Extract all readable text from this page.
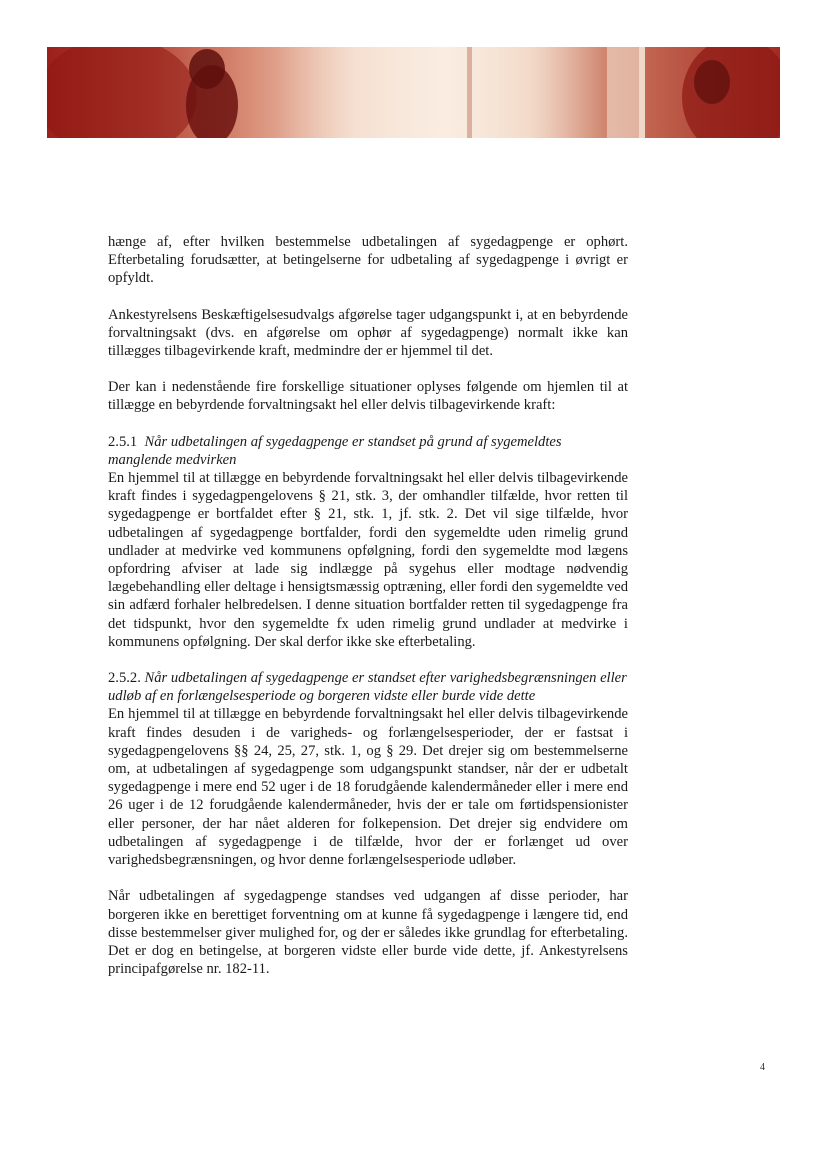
hænge af, efter hvilken bestemmelse udbetalingen af sygedagpenge er ophørt. Efterbetaling forudsætter, at betingelserne for udbetaling af sygedagpenge i øvrigt er opfyldt.

Ankestyrelsens Beskæftigelsesudvalgs afgørelse tager udgangspunkt i, at en bebyrdende forvaltningsakt (dvs. en afgørelse om ophør af sygedagpenge) normalt ikke kan tillægges tilbagevirkende kraft, medmindre der er hjemmel til det.

Der kan i nedenstående fire forskellige situationer oplyses følgende om hjemlen til at tillægge en bebyrdende forvaltningsakt hel eller delvis tilbagevirkende kraft:

2.5.1 Når udbetalingen af sygedagpenge er standset på grund af sygemeldtes manglende medvirken

En hjemmel til at tillægge en bebyrdende forvaltningsakt hel eller delvis tilbagevirkende kraft findes i sygedagpengelovens § 21, stk. 3, der omhandler tilfælde, hvor retten til sygedagpenge er bortfaldet efter § 21, stk. 1, jf. stk. 2. Det vil sige tilfælde, hvor udbetalingen af sygedagpenge bortfalder, fordi den sygemeldte uden rimelig grund undlader at medvirke ved kommunens opfølgning, fordi den sygemeldte mod lægens opfordring afviser at lade sig indlægge på sygehus eller modtage nødvendig lægebehandling eller deltage i hensigtsmæssig optræning, eller fordi den sygemeldte ved sin adfærd forhaler helbredelsen. I denne situation bortfalder retten til sygedagpenge fra det tidspunkt, hvor den sygemeldte fx uden rimelig grund undlader at medvirke i kommunens opfølgning. Der skal derfor ikke ske efterbetaling.

2.5.2. Når udbetalingen af sygedagpenge er standset efter varighedsbegrænsningen eller udløb af en forlængelsesperiode og borgeren vidste eller burde vide dette

En hjemmel til at tillægge en bebyrdende forvaltningsakt hel eller delvis tilbagevirkende kraft findes desuden i de varigheds- og forlængelsesperioder, der er fastsat i sygedagpengelovens §§ 24, 25, 27, stk. 1, og § 29. Det drejer sig om bestemmelserne om, at udbetalingen af sygedagpenge som udgangspunkt standser, når der er udbetalt sygedagpenge i mere end 52 uger i de 18 forudgående kalendermåneder eller i mere end 26 uger i de 12 forudgående kalendermåneder, hvis der er tale om førtidspensionister eller personer, der har nået alderen for folkepension. Det drejer sig endvidere om udbetalingen af sygedagpenge i de tilfælde, hvor der er forlænget ud over varighedsbegrænsningen, og hvor denne forlængelsesperiode udløber.

Når udbetalingen af sygedagpenge standses ved udgangen af disse perioder, har borgeren ikke en berettiget forventning om at kunne få sygedagpenge i længere tid, end disse bestemmelser giver mulighed for, og der er således ikke grundlag for efterbetaling. Det er dog en betingelse, at borgeren vidste eller burde vide dette, jf. Ankestyrelsens principafgørelse nr. 182-11.

4
